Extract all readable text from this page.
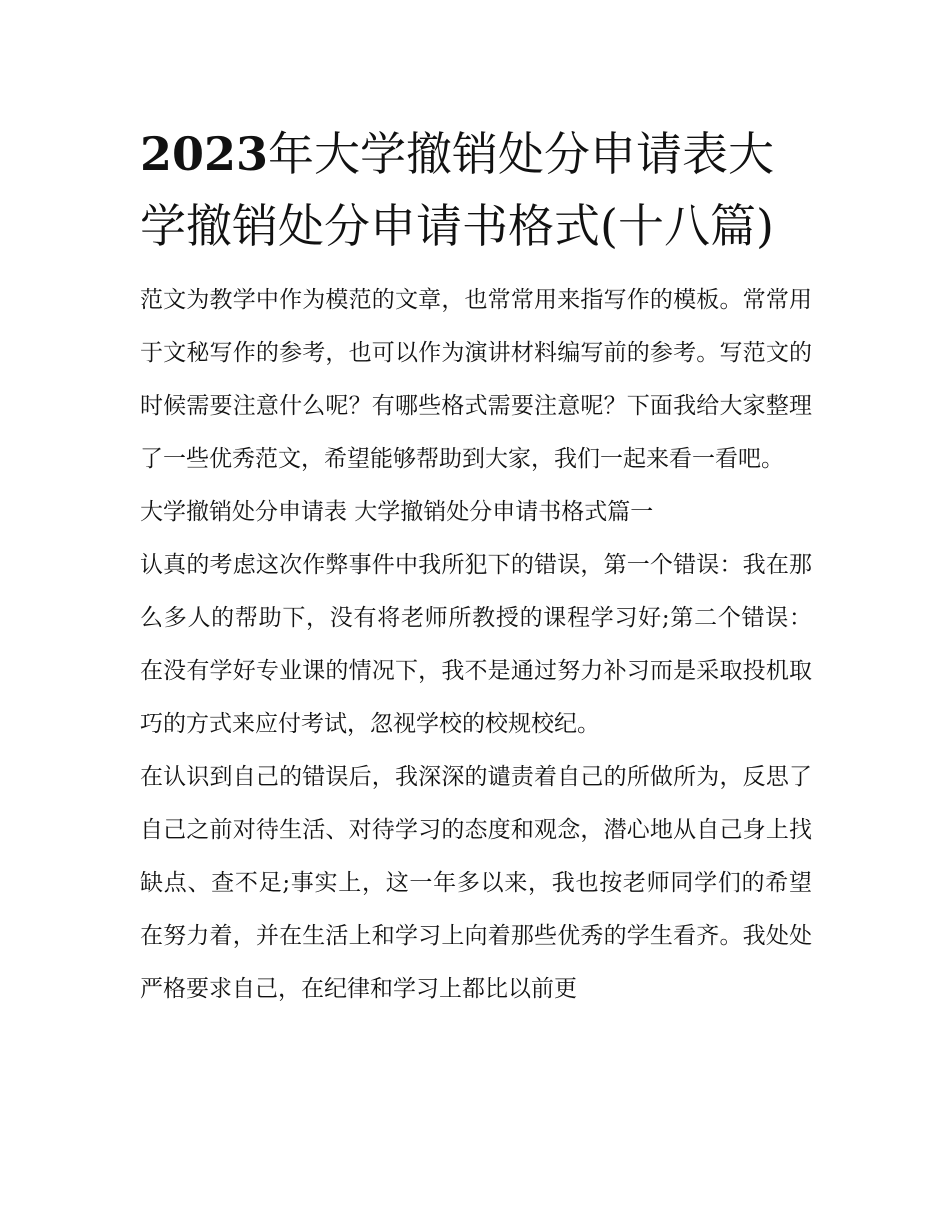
2023年大学撤销处分申请表大学撤销处分申请书格式(十八篇)

范文为教学中作为模范的文章，也常常用来指写作的模板。常常用于文秘写作的参考，也可以作为演讲材料编写前的参考。写范文的时候需要注意什么呢？有哪些格式需要注意呢？下面我给大家整理了一些优秀范文，希望能够帮助到大家，我们一起来看一看吧。

大学撤销处分申请表 大学撤销处分申请书格式篇一

认真的考虑这次作弊事件中我所犯下的错误，第一个错误：我在那么多人的帮助下，没有将老师所教授的课程学习好;第二个错误：在没有学好专业课的情况下，我不是通过努力补习而是采取投机取巧的方式来应付考试，忽视学校的校规校纪。

在认识到自己的错误后，我深深的谴责着自己的所做所为，反思了自己之前对待生活、对待学习的态度和观念，潜心地从自己身上找缺点、查不足;事实上，这一年多以来，我也按老师同学们的希望在努力着，并在生活上和学习上向着那些优秀的学生看齐。我处处严格要求自己，在纪律和学习上都比以前更
